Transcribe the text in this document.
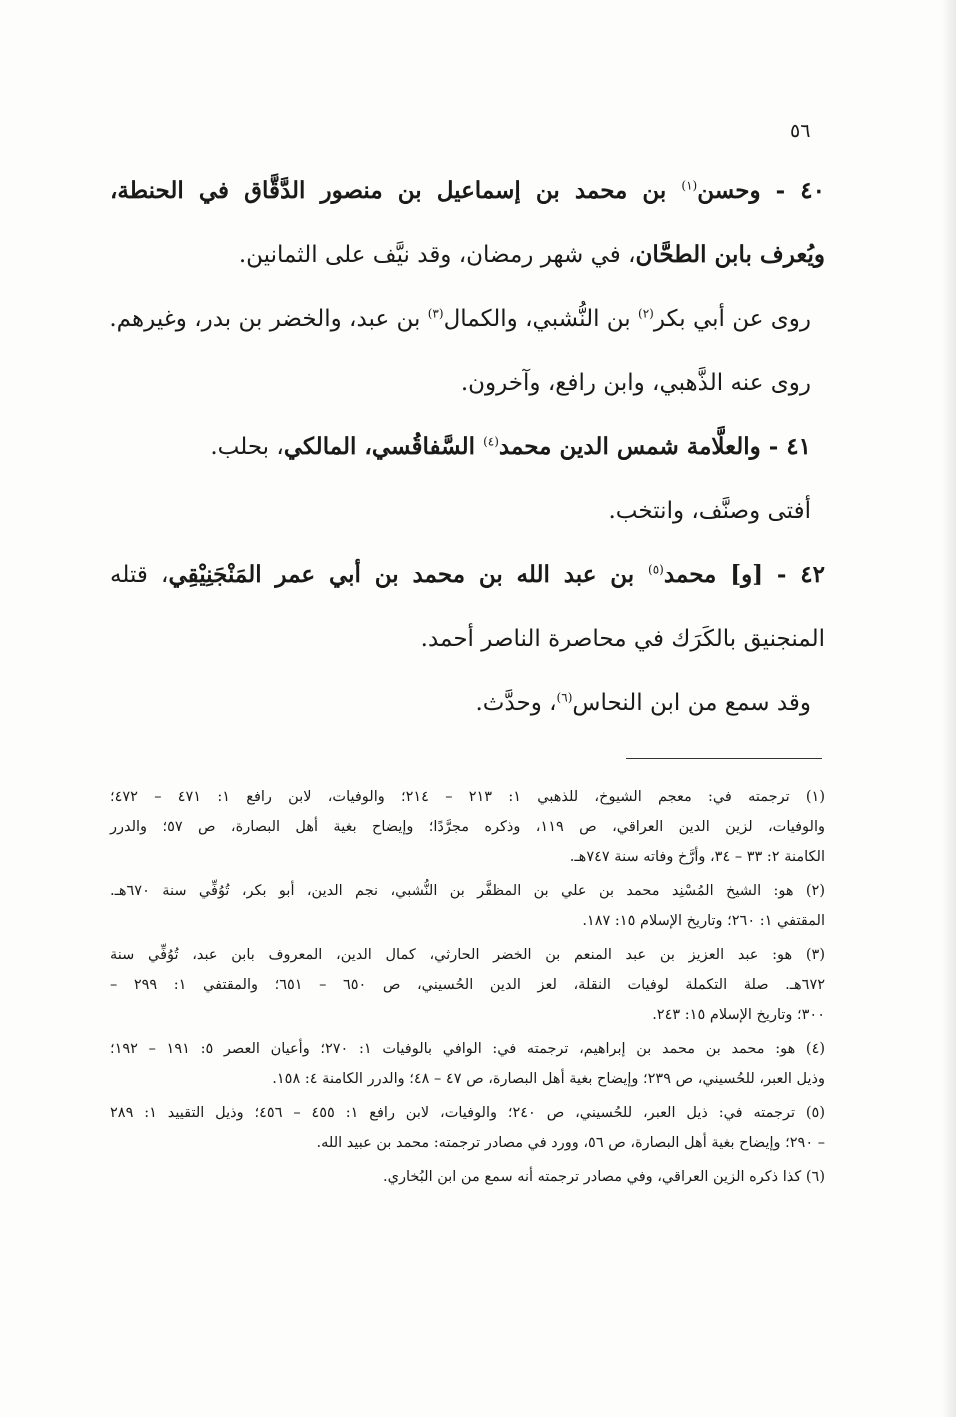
٥٦
٤٠ - وحسن$^{(١)}$ بن محمد بن إسماعيل بن منصور الدَّقَّاق في الحنطة،
ويُعرف بابن الطحَّان، في شهر رمضان، وقد نيَّف على الثمانين.
روى عن أبي بكر$^{(٢)}$ بن النُّشبي، والكمال$^{(٣)}$ بن عبد، والخضر بن بدر، وغيرهم.
روى عنه الذَّهبي، وابن رافع، وآخرون.
٤١ - والعلَّامة شمس الدين محمد$^{(٤)}$ السَّفاقُسي، المالكي، بحلب.
أفتى وصنَّف، وانتخب.
٤٢ - [و] محمد$^{(٥)}$ بن عبد الله بن محمد بن أبي عمر المَنْجَنِيْقِي، قتله
المنجنيق بالكَرَك في محاصرة الناصر أحمد.
وقد سمع من ابن النحاس$^{(٦)}$، وحدَّث.
(١) ترجمته في: معجم الشيوخ، للذهبي ١: ٢١٣ – ٢١٤؛ والوفيات، لابن رافع ١: ٤٧١ – ٤٧٢؛
والوفيات، لزين الدين العراقي، ص ١١٩، وذكره مجرَّدًا؛ وإيضاح بغية أهل البصارة، ص ٥٧؛ والدرر
الكامنة ٢: ٣٣ – ٣٤، وأرَّخ وفاته سنة ٧٤٧هـ.
(٢) هو: الشيخ المُسْنِد محمد بن علي بن المظفَّر بن النُّشبي، نجم الدين، أبو بكر، تُوُفِّي سنة ٦٧٠هـ.
المقتفي ١: ٢٦٠؛ وتاريخ الإسلام ١٥: ١٨٧.
(٣) هو: عبد العزيز بن عبد المنعم بن الخضر الحارثي، كمال الدين، المعروف بابن عبد، تُوُفِّي سنة
٦٧٢هـ. صلة التكملة لوفيات النقلة، لعز الدين الحُسيني، ص ٦٥٠ – ٦٥١؛ والمقتفي ١: ٢٩٩ –
٣٠٠؛ وتاريخ الإسلام ١٥: ٢٤٣.
(٤) هو: محمد بن محمد بن إبراهيم، ترجمته في: الوافي بالوفيات ١: ٢٧٠؛ وأعيان العصر ٥: ١٩١ – ١٩٢؛
وذيل العبر، للحُسيني، ص ٢٣٩؛ وإيضاح بغية أهل البصارة، ص ٤٧ – ٤٨؛ والدرر الكامنة ٤: ١٥٨.
(٥) ترجمته في: ذيل العبر، للحُسيني، ص ٢٤٠؛ والوفيات، لابن رافع ١: ٤٥٥ – ٤٥٦؛ وذيل التقييد ١: ٢٨٩
– ٢٩٠؛ وإيضاح بغية أهل البصارة، ص ٥٦، وورد في مصادر ترجمته: محمد بن عبيد الله.
(٦) كذا ذكره الزين العراقي، وفي مصادر ترجمته أنه سمع من ابن البُخاري.
